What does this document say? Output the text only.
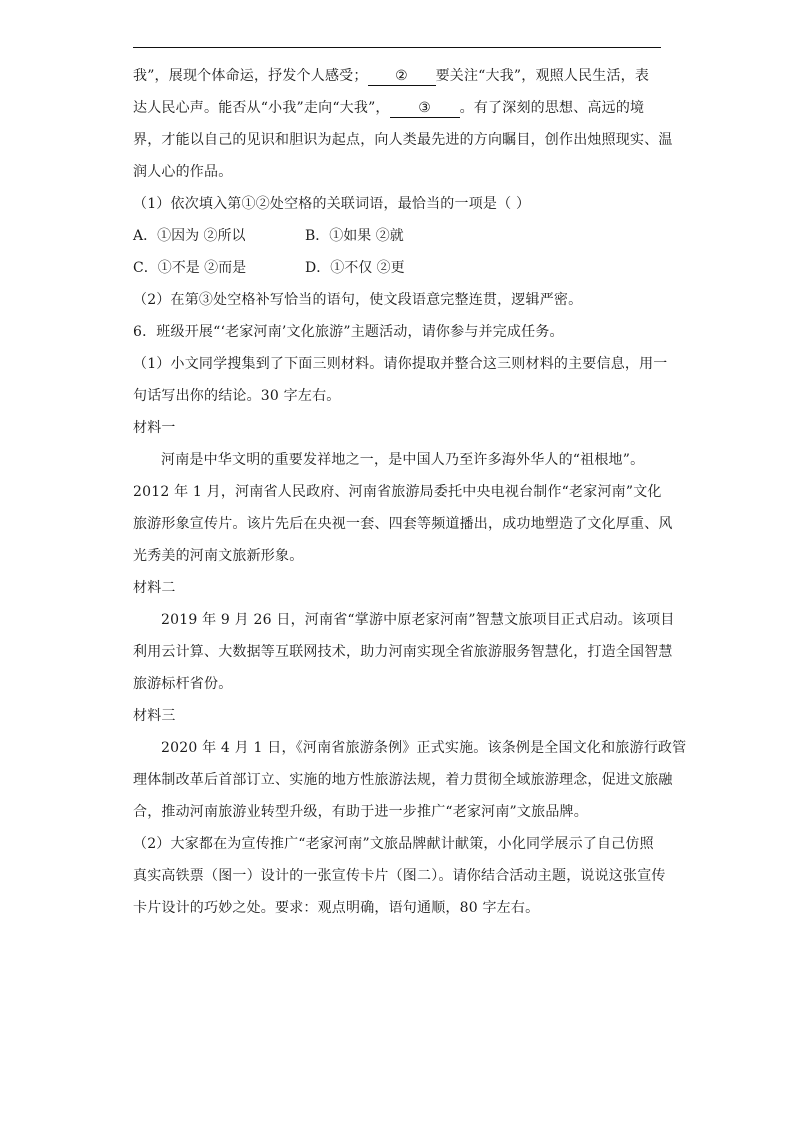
我”，展现个体命运，抒发个人感受； ② 要关注“大我”，观照人民生活，表
达人民心声。能否从“小我”走向“大我”， ③ 。有了深刻的思想、高远的境
界，才能以自己的见识和胆识为起点，向人类最先进的方向瞩目，创作出烛照现实、温
润人心的作品。
（1）依次填入第①②处空格的关联词语，最恰当的一项是（ ）
A．①因为 ②所以	B．①如果 ②就
C．①不是 ②而是	D．①不仅 ②更
（2）在第③处空格补写恰当的语句，使文段语意完整连贯，逻辑严密。
6．班级开展“‘老家河南’文化旅游”主题活动，请你参与并完成任务。
（1）小文同学搜集到了下面三则材料。请你提取并整合这三则材料的主要信息，用一
句话写出你的结论。30 字左右。
材料一
河南是中华文明的重要发祥地之一，是中国人乃至许多海外华人的“祖根地”。
2012 年 1 月，河南省人民政府、河南省旅游局委托中央电视台制作“老家河南”文化
旅游形象宣传片。该片先后在央视一套、四套等频道播出，成功地塑造了文化厚重、风
光秀美的河南文旅新形象。
材料二
2019 年 9 月 26 日，河南省“掌游中原老家河南”智慧文旅项目正式启动。该项目
利用云计算、大数据等互联网技术，助力河南实现全省旅游服务智慧化，打造全国智慧
旅游标杆省份。
材料三
2020 年 4 月 1 日，《河南省旅游条例》正式实施。该条例是全国文化和旅游行政管
理体制改革后首部订立、实施的地方性旅游法规，着力贯彻全域旅游理念，促进文旅融
合，推动河南旅游业转型升级，有助于进一步推广“老家河南”文旅品牌。
（2）大家都在为宣传推广“老家河南”文旅品牌献计献策，小化同学展示了自己仿照
真实高铁票（图一）设计的一张宣传卡片（图二）。请你结合活动主题，说说这张宣传
卡片设计的巧妙之处。要求：观点明确，语句通顺，80 字左右。
